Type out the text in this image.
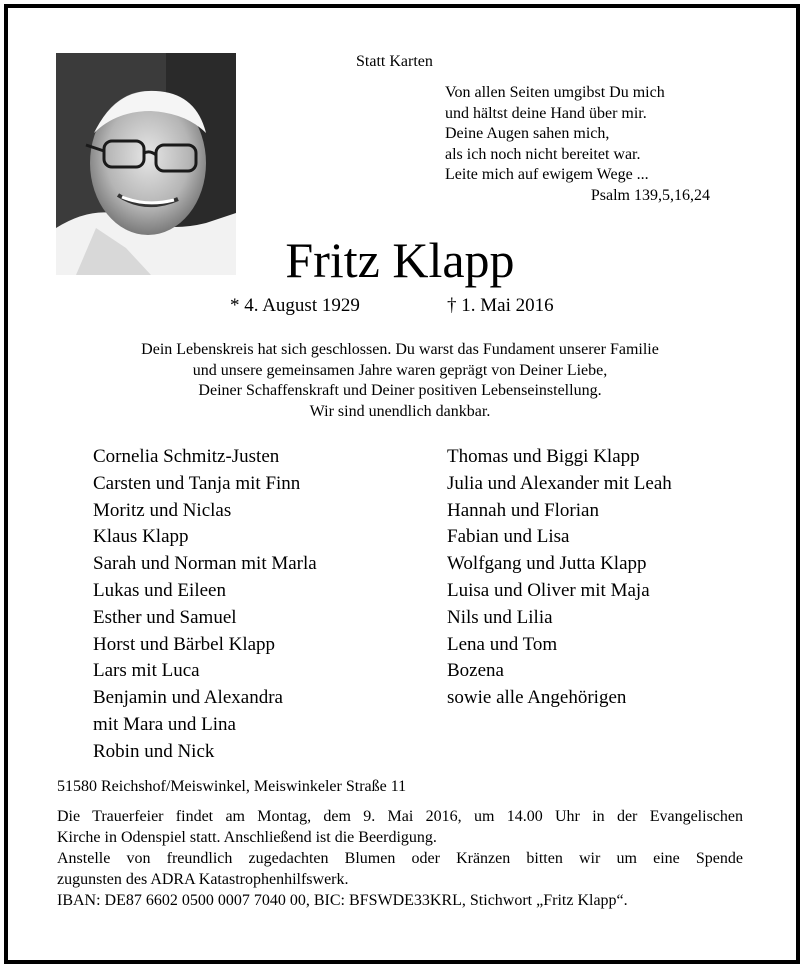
Statt Karten
Von allen Seiten umgibst Du mich
und hältst deine Hand über mir.
Deine Augen sahen mich,
als ich noch nicht bereitet war.
Leite mich auf ewigem Wege ...
Psalm 139,5,16,24
Fritz Klapp
* 4. August 1929	† 1. Mai 2016
Dein Lebenskreis hat sich geschlossen. Du warst das Fundament unserer Familie
und unsere gemeinsamen Jahre waren geprägt von Deiner Liebe,
Deiner Schaffenskraft und Deiner positiven Lebenseinstellung.
Wir sind unendlich dankbar.
Cornelia Schmitz-Justen
Carsten und Tanja mit Finn
Moritz und Niclas
Klaus Klapp
Sarah und Norman mit Marla
Lukas und Eileen
Esther und Samuel
Horst und Bärbel Klapp
Lars mit Luca
Benjamin und Alexandra
mit Mara und Lina
Robin und Nick
Thomas und Biggi Klapp
Julia und Alexander mit Leah
Hannah und Florian
Fabian und Lisa
Wolfgang und Jutta Klapp
Luisa und Oliver mit Maja
Nils und Lilia
Lena und Tom
Bozena
sowie alle Angehörigen
51580 Reichshof/Meiswinkel, Meiswinkeler Straße 11
Die Trauerfeier findet am Montag, dem 9. Mai 2016, um 14.00 Uhr in der Evangelischen
Kirche in Odenspiel statt. Anschließend ist die Beerdigung.
Anstelle von freundlich zugedachten Blumen oder Kränzen bitten wir um eine Spende
zugunsten des ADRA Katastrophenhilfswerk.
IBAN: DE87 6602 0500 0007 7040 00, BIC: BFSWDE33KRL, Stichwort „Fritz Klapp“.
